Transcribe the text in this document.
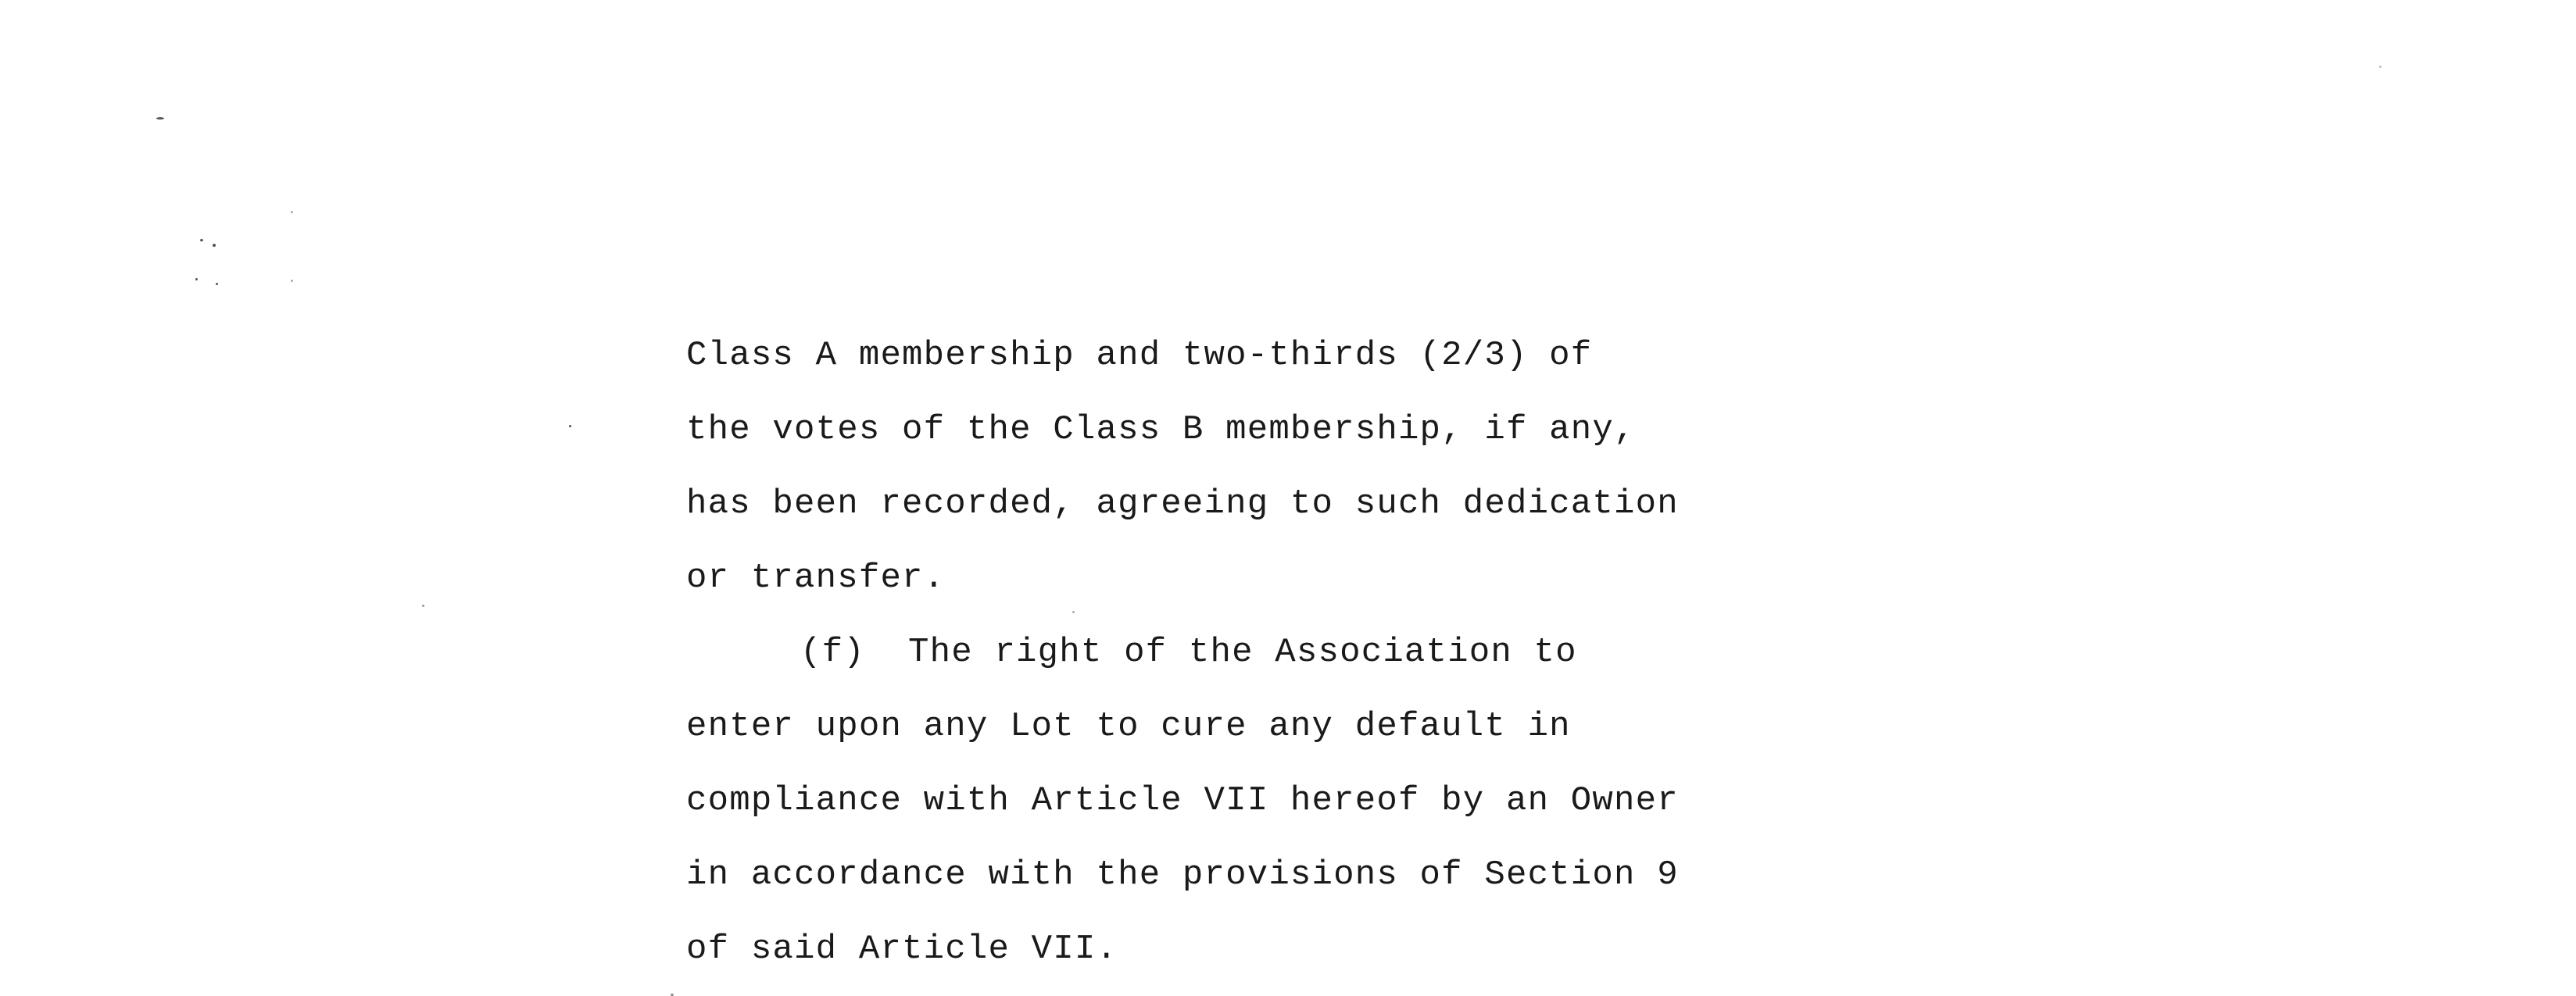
Class A membership and two-thirds (2/3) of
the votes of the Class B membership, if any,
has been recorded, agreeing to such dedication
or transfer.
(f)  The right of the Association to
enter upon any Lot to cure any default in
compliance with Article VII hereof by an Owner
in accordance with the provisions of Section 9
of said Article VII.
